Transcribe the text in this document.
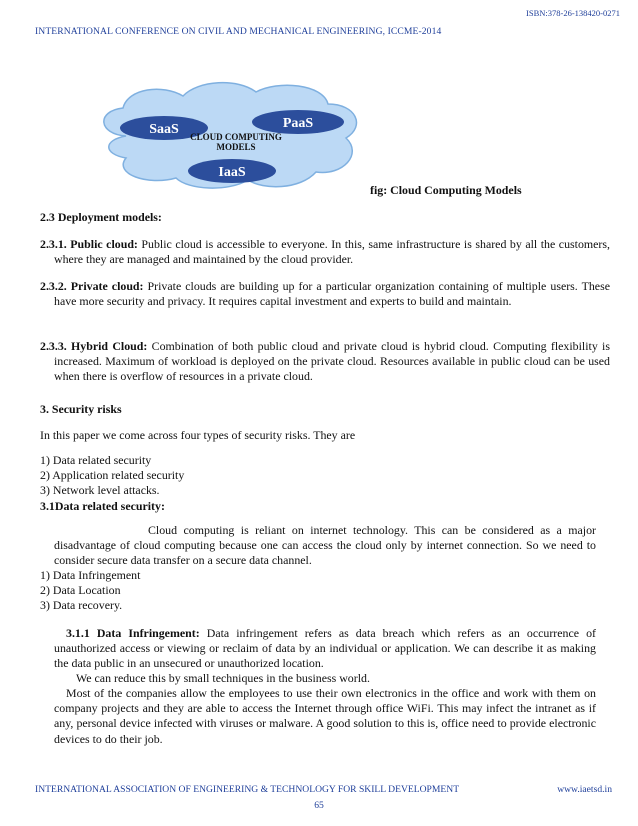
ISBN:378-26-138420-0271
INTERNATIONAL CONFERENCE ON CIVIL AND MECHANICAL ENGINEERING, ICCME-2014
SaaS	PaaS
IaaS
CLOUD COMPUTING
MODELS
fig: Cloud Computing Models
2.3 Deployment models:
2.3.1. Public cloud: Public cloud is accessible to everyone. In this, same infrastructure is shared by all the customers, where they are managed and maintained by the cloud provider.
2.3.2. Private cloud: Private clouds are building up for a particular organization containing of multiple users. These have more security and privacy. It requires capital investment and experts to build and maintain.
2.3.3. Hybrid Cloud: Combination of both public cloud and private cloud is hybrid cloud. Computing flexibility is increased. Maximum of workload is deployed on the private cloud. Resources available in public cloud can be used when there is overflow of resources in a private cloud.
3. Security risks
In this paper we come across four types of security risks. They are
1) Data related security
2) Application related security
3) Network level attacks.
3.1Data related security:
Cloud computing is reliant on internet technology. This can be considered as a major disadvantage of cloud computing because one can access the cloud only by internet connection. So we need to consider secure data transfer on a secure data channel.
1) Data Infringement
2) Data Location
3) Data recovery.
3.1.1 Data Infringement: Data infringement refers as data breach which refers as an occurrence of unauthorized access or viewing or reclaim of data by an individual or application. We can describe it as making the data public in an unsecured or unauthorized location.
We can reduce this by small techniques in the business world.
Most of the companies allow the employees to use their own electronics in the office and work with them on company projects and they are able to access the Internet through office WiFi. This may infect the intranet as if any, personal device infected with viruses or malware. A good solution to this is, office need to provide electronic devices to do their job.
INTERNATIONAL ASSOCIATION OF ENGINEERING & TECHNOLOGY FOR SKILL DEVELOPMENT	www.iaetsd.in
65
